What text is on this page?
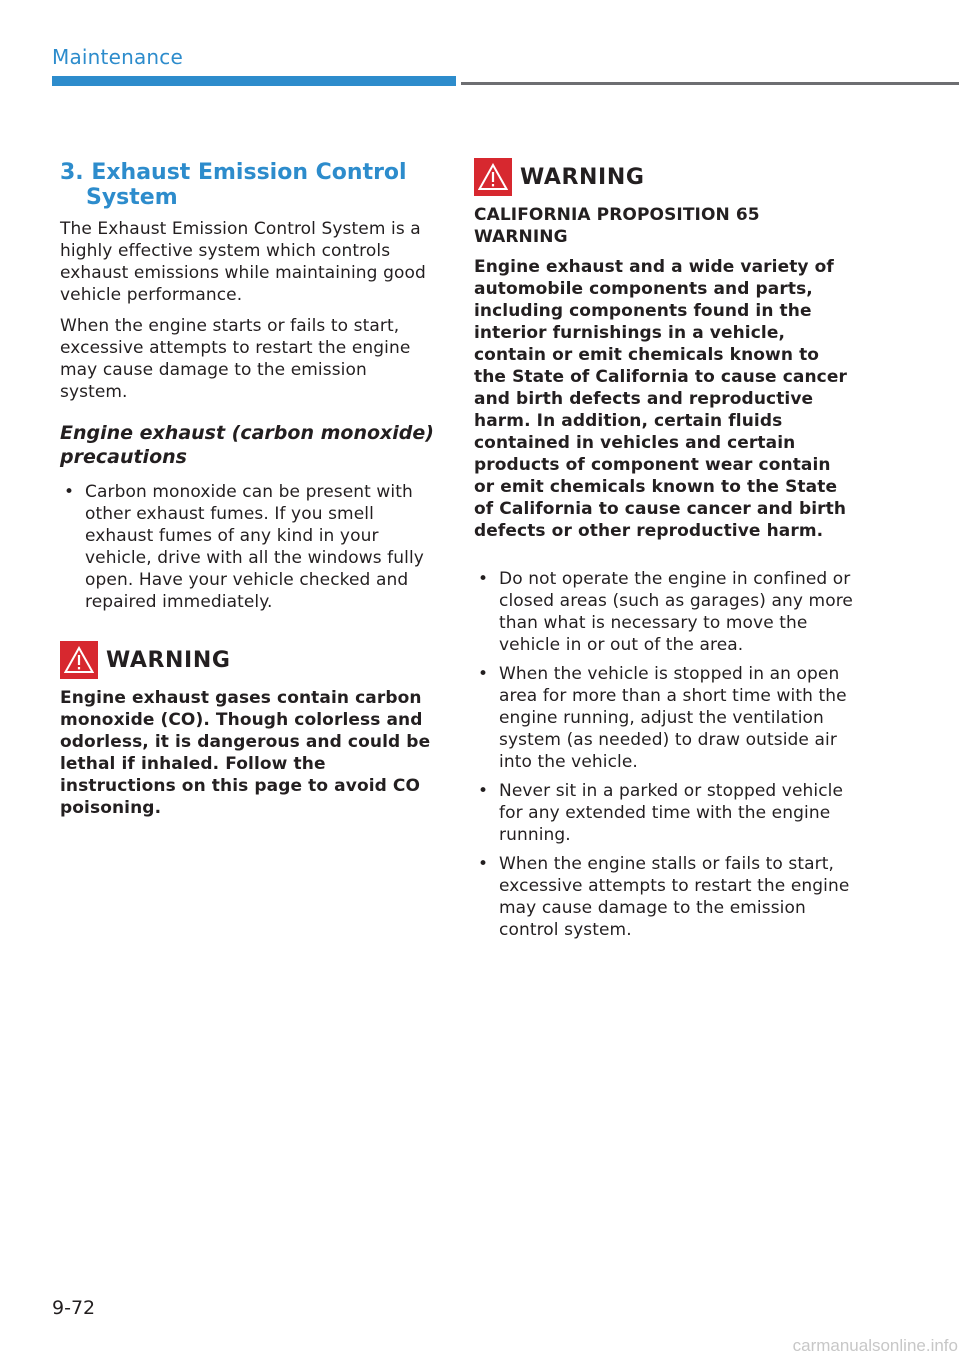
Maintenance
3. Exhaust Emission Control System

The Exhaust Emission Control System is a highly effective system which controls exhaust emissions while maintaining good vehicle performance.

When the engine starts or fails to start, excessive attempts to restart the engine may cause damage to the emission system.

Engine exhaust (carbon monoxide) precautions
• Carbon monoxide can be present with other exhaust fumes. If you smell exhaust fumes of any kind in your vehicle, drive with all the windows fully open. Have your vehicle checked and repaired immediately.
WARNING

Engine exhaust gases contain carbon monoxide (CO). Though colorless and odorless, it is dangerous and could be lethal if inhaled. Follow the instructions on this page to avoid CO poisoning.

WARNING

CALIFORNIA PROPOSITION 65 WARNING

Engine exhaust and a wide variety of automobile components and parts, including components found in the interior furnishings in a vehicle, contain or emit chemicals known to the State of California to cause cancer and birth defects and reproductive harm. In addition, certain fluids contained in vehicles and certain products of component wear contain or emit chemicals known to the State of California to cause cancer and birth defects or other reproductive harm.

• Do not operate the engine in confined or closed areas (such as garages) any more than what is necessary to move the vehicle in or out of the area.
• When the vehicle is stopped in an open area for more than a short time with the engine running, adjust the ventilation system (as needed) to draw outside air into the vehicle.
• Never sit in a parked or stopped vehicle for any extended time with the engine running.
• When the engine stalls or fails to start, excessive attempts to restart the engine may cause damage to the emission control system.
9-72
carmanualsonline.info
